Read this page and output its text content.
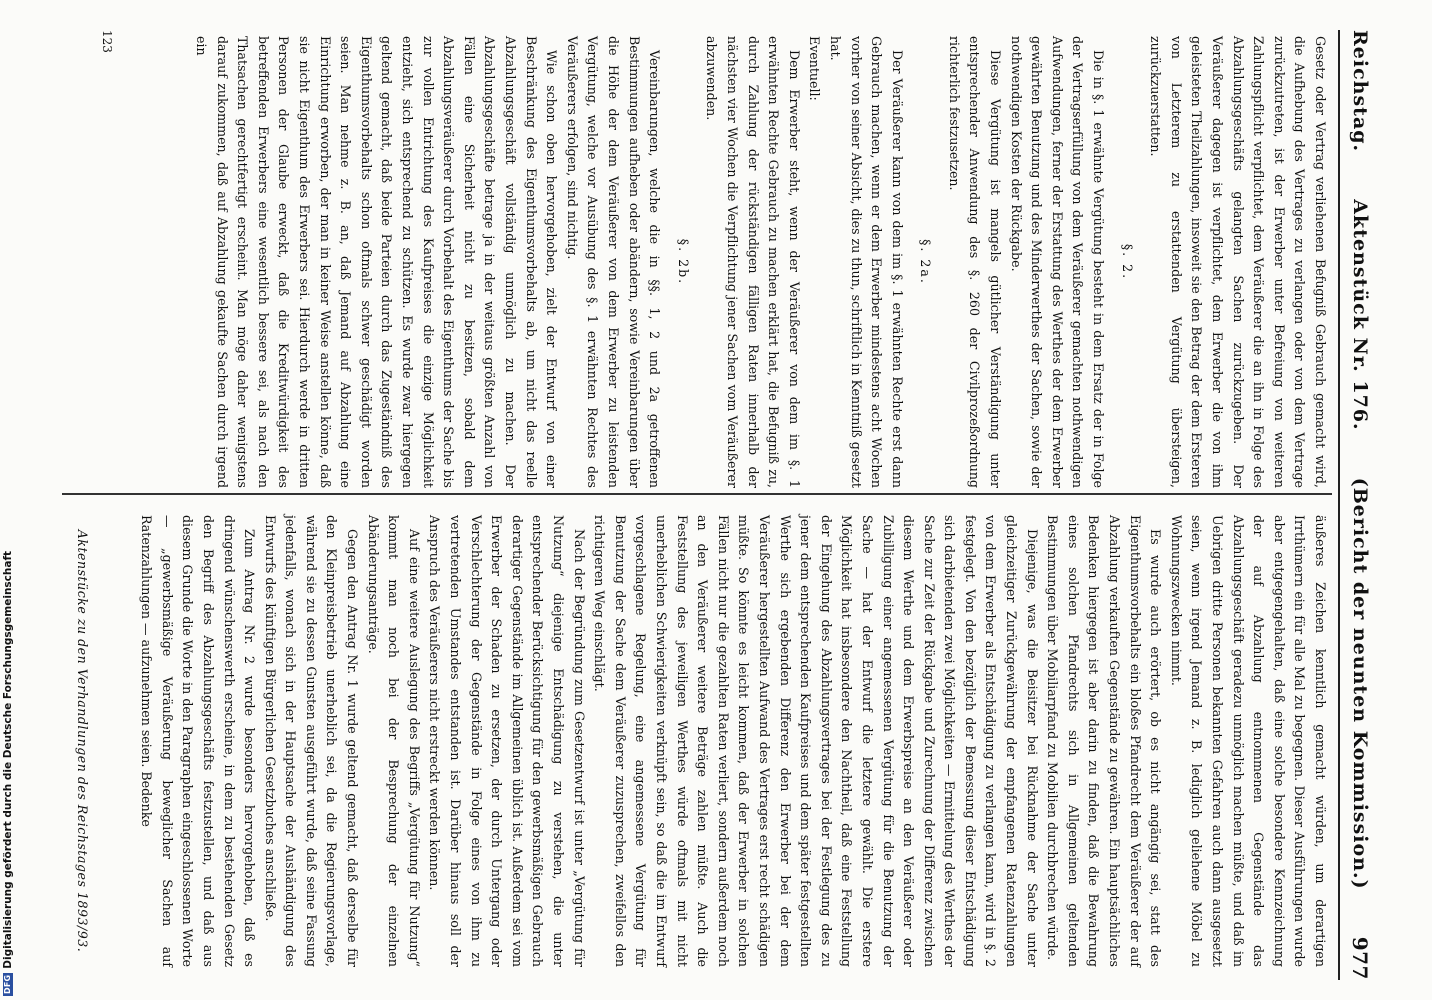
Reichstag.
Aktenstück Nr. 176.
(Bericht der neunten Kommission.)
977

Gesetz oder Vertrag verliehenen Befugniß Gebrauch gemacht wird, die Aufhebung des Vertrages zu verlangen oder von dem Vertrage zurückzutreten, ist der Erwerber unter Befreiung von weiteren Zahlungspflicht verpflichtet, dem Veräußerer die an ihn in Folge des Abzahlungsgeschäfts gelangten Sachen zurückzugeben. Der Veräußerer dagegen ist verpflichtet, dem Erwerber die von ihm geleisteten Theilzahlungen, insoweit sie den Betrag der dem Ersteren von Letzterem zu erstattenden Vergütung übersteigen, zurückzuerstatten.

§. 2.

Die in §. 1 erwähnte Vergütung besteht in dem Ersatz der in Folge der Vertragserfüllung von dem Veräußerer gemachten nothwendigen Aufwendungen, ferner der Erstattung des Werthes der dem Erwerber gewährten Benutzung und des Minderwerthes der Sachen, sowie der nothwendigen Kosten der Rückgabe.

Diese Vergütung ist mangels gütlicher Verständigung unter entsprechender Anwendung des §. 260 der Civilprozeßordnung richterlich festzusetzen.

§. 2a.

Der Veräußerer kann von dem im §. 1 erwähnten Rechte erst dann Gebrauch machen, wenn er dem Erwerber mindestens acht Wochen vorher von seiner Absicht, dies zu thun, schriftlich in Kenntniß gesetzt hat.

Eventuell:

Dem Erwerber steht, wenn der Veräußerer von dem im §. 1 erwähnten Rechte Gebrauch zu machen erklärt hat, die Befugniß zu, durch Zahlung der rückständigen fälligen Raten innerhalb der nächsten vier Wochen die Verpflichtung jener Sachen vom Veräußerer abzuwenden.

§. 2b.

Vereinbarungen, welche die in §§. 1, 2 und 2a getroffenen Bestimmungen aufheben oder abändern, sowie Vereinbarungen über die Höhe der dem Veräußerer von dem Erwerber zu leistenden Vergütung, welche vor Ausübung des §. 1 erwähnten Rechtes des Veräußerers erfolgen, sind nichtig.

Wie schon oben hervorgehoben, zielt der Entwurf von einer Beschränkung des Eigenthumsvorbehalts ab, um nicht das reelle Abzahlungsgeschäft vollständig unmöglich zu machen. Der Abzahlungsgeschäfte betrage ja in der weitaus größten Anzahl von Fällen eine Sicherheit nicht zu besitzen, sobald dem Abzahlungsveräußerer durch Vorbehalt des Eigenthums der Sache bis zur vollen Entrichtung des Kaufpreises die einzige Möglichkeit entzieht, sich entsprechend zu schützen. Es wurde zwar hiergegen geltend gemacht, daß beide Parteien durch das Zugeständniß des Eigenthumsvorbehalts schon oftmals schwer geschädigt worden seien. Man nehme z. B. an, daß Jemand auf Abzahlung eine Einrichtung erworben, der man in keiner Weise anstellen könne, daß sie nicht Eigenthum des Erwerbers sei. Hierdurch werde in dritten Personen der Glaube erweckt, daß die Kreditwürdigkeit des betreffenden Erwerbers eine wesentlich bessere sei, als nach den Thatsachen gerechtfertigt erscheint. Man möge daher wenigstens darauf zukommen, daß auf Abzahlung gekaufte Sachen durch irgend ein

äußeres Zeichen kenntlich gemacht würden, um derartigen Irrthümern ein für alle Mal zu begegnen. Dieser Ausführungen wurde aber entgegengehalten, daß eine solche besondere Kennzeichnung der auf Abzahlung entnommenen Gegenstände das Abzahlungsgeschäft geradezu unmöglich machen müßte, und daß im Uebrigen dritte Personen bekannten Gefahren auch dann ausgesetzt seien, wenn irgend Jemand z. B. lediglich geliehene Möbel zu Wohnungszwecken nimmt.

Es wurde auch erörtert, ob es nicht angängig sei, statt des Eigenthumsvorbehalts ein bloßes Pfandrecht dem Veräußerer der auf Abzahlung verkauften Gegenstände zu gewähren. Ein hauptsächliches Bedenken hiergegen ist aber darin zu finden, daß die Bewahrung eines solchen Pfandrechts sich in Allgemeinen geltenden Bestimmungen über Mobiliarpfand zu Mobilien durchbrechen würde.

Diejenige, was die Beisitzer bei Rücknahme der Sache unter gleichzeitiger Zurückgewährung der empfangenen Ratenzahlungen von dem Erwerber als Entschädigung zu verlangen kann, wird in §. 2 festgelegt. Von den bezüglich der Bemessung dieser Entschädigung sich darbietenden zwei Möglichkeiten — Ermittelung des Werthes der Sache zur Zeit der Rückgabe und Zurechnung der Differenz zwischen diesem Werthe und dem Erwerbspreise an den Veräußerer oder Zubilligung einer angemessenen Vergütung für die Benutzung der Sache — hat der Entwurf die letztere gewählt. Die erstere Möglichkeit hat insbesondere den Nachtheil, daß eine Feststellung der Eingehung des Abzahlungsvertrages bei der Festlegung des zu jener dem entsprechenden Kaufpreises und dem später festgestellten Werthe sich ergebenden Differenz den Erwerber bei der dem Veräußerer hergestellten Aufwand des Vertrages erst recht schädigen müßte. So könnte es leicht kommen, daß der Erwerber in solchen Fällen nicht nur die gezahlten Raten verliert, sondern außerdem noch an den Veräußerer weitere Beträge zahlen müßte. Auch die Feststellung des jeweiligen Werthes würde oftmals mit nicht unerheblichen Schwierigkeiten verknüpft sein, so daß die im Entwurf vorgeschlagene Regelung, eine angemessene Vergütung für Benutzung der Sache dem Veräußerer zuzusprechen, zweifellos den richtigeren Weg einschlägt.

Nach der Begründung zum Gesetzentwurf ist unter „Vergütung für Nutzung“ diejenige Entschädigung zu verstehen, die unter entsprechender Berücksichtigung für den gewerbsmäßigen Gebrauch derartiger Gegenstände im Allgemeinen üblich ist. Außerdem sei vom Erwerber der Schaden zu ersetzen, der durch Untergang oder Verschlechterung der Gegenstände in Folge eines von ihm zu vertretenden Umstandes entstanden ist. Darüber hinaus soll der Anspruch des Veräußerers nicht erstreckt werden können.

Auf eine weitere Auslegung des Begriffs „Vergütung für Nutzung“ kommt man noch bei der Besprechung der einzelnen Abänderungsanträge.

Gegen den Antrag Nr. 1 wurde geltend gemacht, daß derselbe für den Kleinpreisbetrieb unerheblich sei, da die Regierungsvorlage, während sie zu dessen Gunsten ausgeführt wurde, daß seine Fassung jedenfalls, wonach sich in der Hauptsache der Aushändigung des Entwurfs des künftigen Bürgerlichen Gesetzbuches anschließe.

Zum Antrag Nr. 2 wurde besonders hervorgehoben, daß es dringend wünschenswerth erscheine, in dem zu bestehenden Gesetz den Begriff des Abzahlungsgeschäfts festzustellen, und daß aus diesem Grunde die Worte in den Paragraphen eingeschlossenen Worte — „gewerbsmäßige Veräußerung beweglicher Sachen auf Ratenzahlungen — aufzunehmen seien. Bedenke

Aktenstücke zu den Verhandlungen des Reichstages 1893/93.
123
DFG
Digitalisierung gefördert durch die Deutsche Forschungsgemeinschaft
